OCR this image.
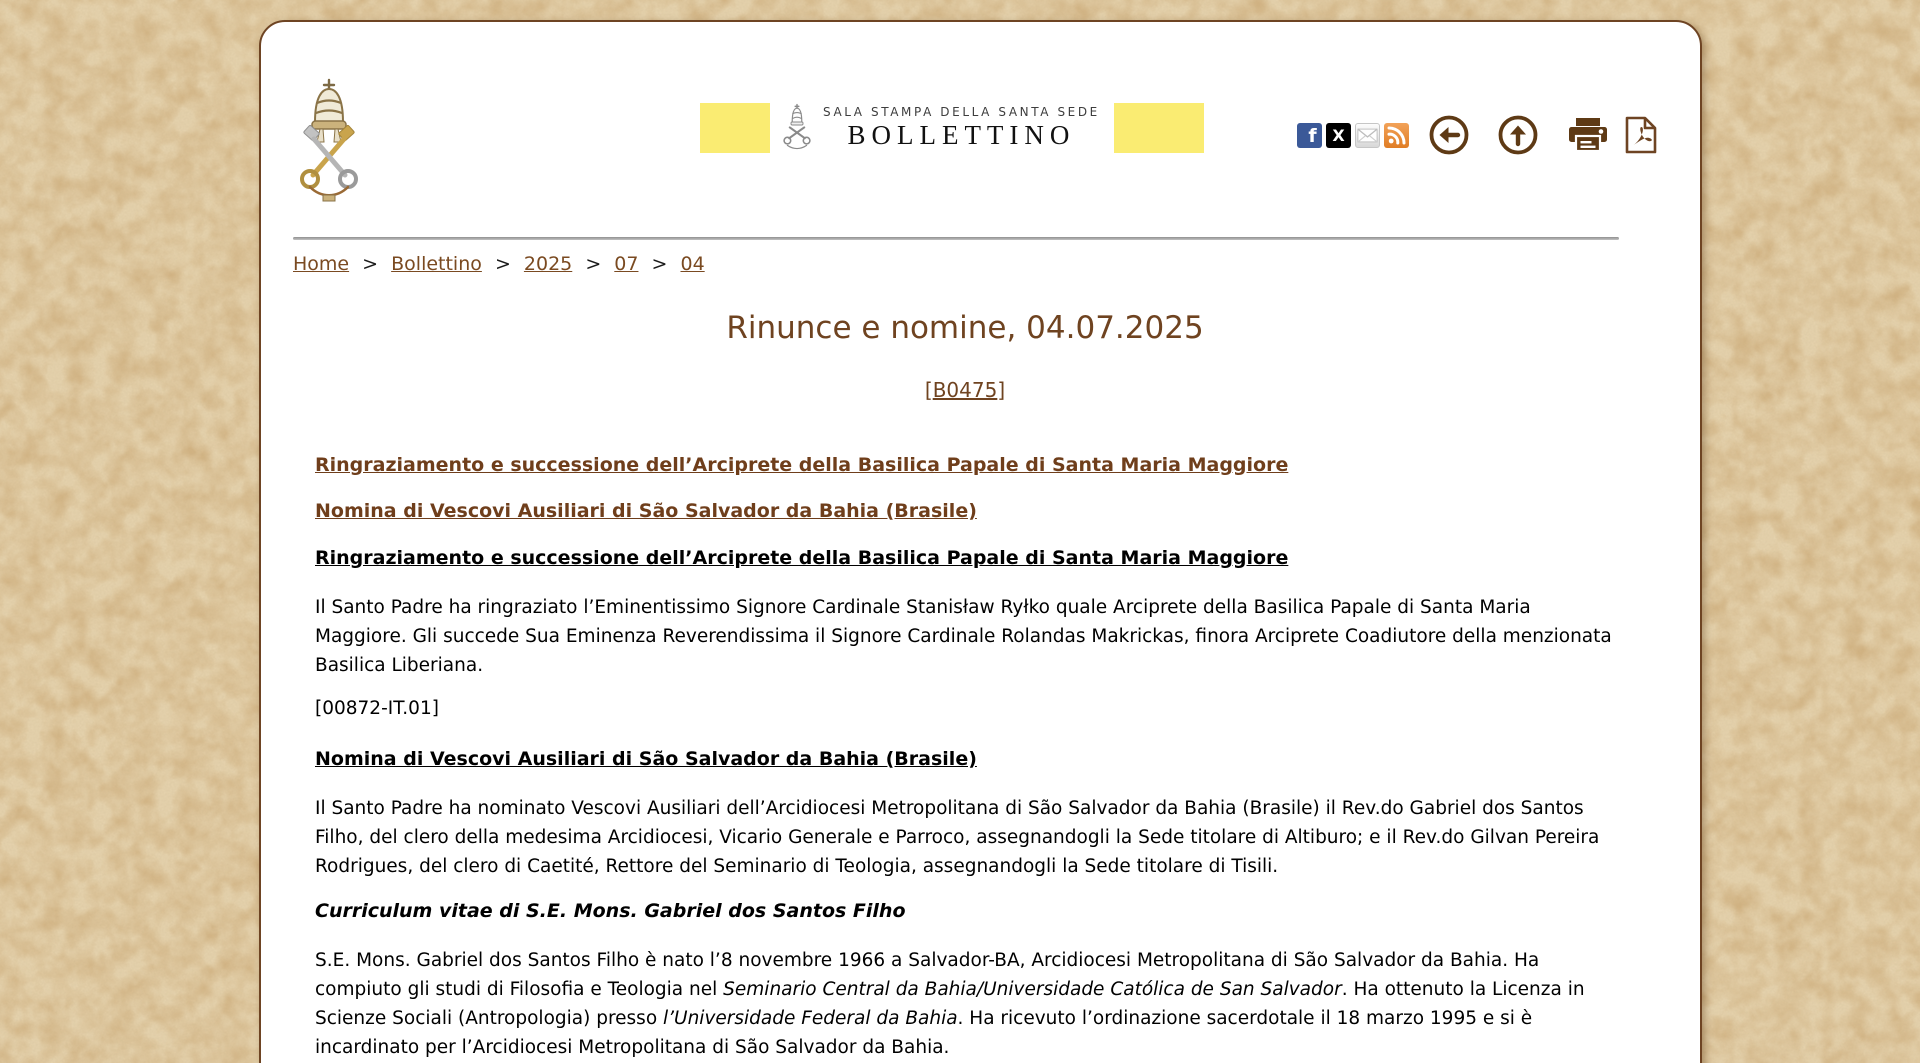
SALA STAMPA DELLA SANTA SEDE
BOLLETTINO	f X
Home > Bollettino > 2025 > 07 > 04
Rinunce e nomine, 04.07.2025

[B0475]

Ringraziamento e successione dell’Arciprete della Basilica Papale di Santa Maria Maggiore

Nomina di Vescovi Ausiliari di São Salvador da Bahia (Brasile)

Ringraziamento e successione dell’Arciprete della Basilica Papale di Santa Maria Maggiore

Il Santo Padre ha ringraziato l’Eminentissimo Signore Cardinale Stanisław Ryłko quale Arciprete della Basilica Papale di Santa Maria Maggiore. Gli succede Sua Eminenza Reverendissima il Signore Cardinale Rolandas Makrickas, finora Arciprete Coadiutore della menzionata Basilica Liberiana.

[00872-IT.01]

Nomina di Vescovi Ausiliari di São Salvador da Bahia (Brasile)

Il Santo Padre ha nominato Vescovi Ausiliari dell’Arcidiocesi Metropolitana di São Salvador da Bahia (Brasile) il Rev.do Gabriel dos Santos Filho, del clero della medesima Arcidiocesi, Vicario Generale e Parroco, assegnandogli la Sede titolare di Altiburo; e il Rev.do Gilvan Pereira Rodrigues, del clero di Caetité, Rettore del Seminario di Teologia, assegnandogli la Sede titolare di Tisili.

Curriculum vitae di S.E. Mons. Gabriel dos Santos Filho

S.E. Mons. Gabriel dos Santos Filho è nato l’8 novembre 1966 a Salvador-BA, Arcidiocesi Metropolitana di São Salvador da Bahia. Ha compiuto gli studi di Filosofia e Teologia nel Seminario Central da Bahia/Universidade Católica de San Salvador. Ha ottenuto la Licenza in Scienze Sociali (Antropologia) presso l’Universidade Federal da Bahia. Ha ricevuto l’ordinazione sacerdotale il 18 marzo 1995 e si è incardinato per l’Arcidiocesi Metropolitana di São Salvador da Bahia.
